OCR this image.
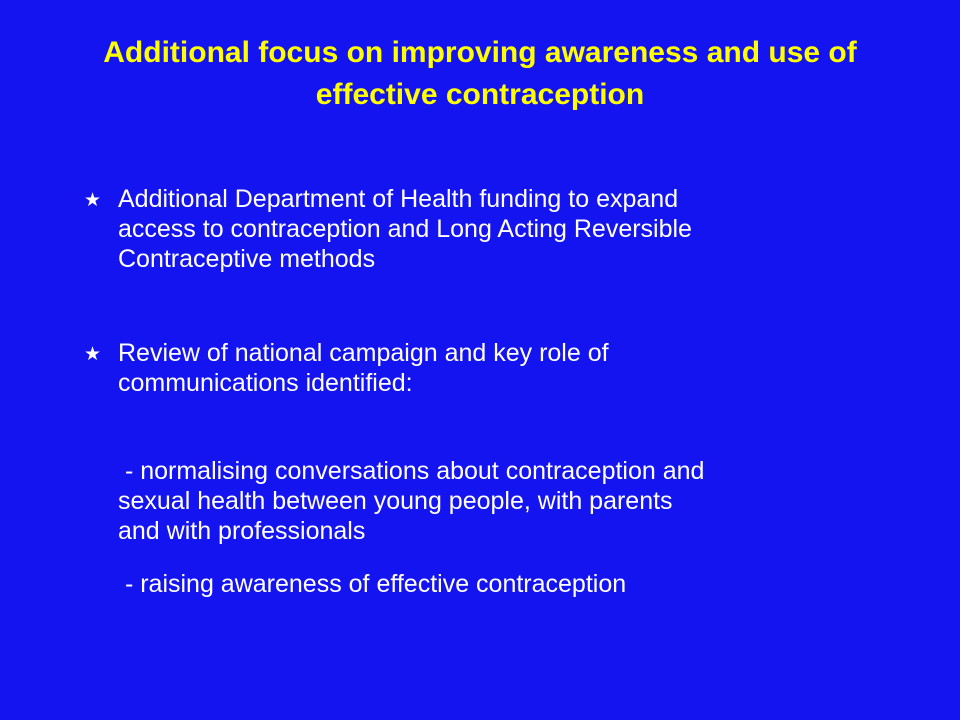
Additional focus on improving awareness and use of
effective contraception
★ Additional Department of Health funding to expand
access to contraception and Long Acting Reversible
Contraceptive methods
★ Review of national campaign and key role of
communications identified:
- normalising conversations about contraception and
sexual health between young people, with parents
and with professionals
- raising awareness of effective contraception
